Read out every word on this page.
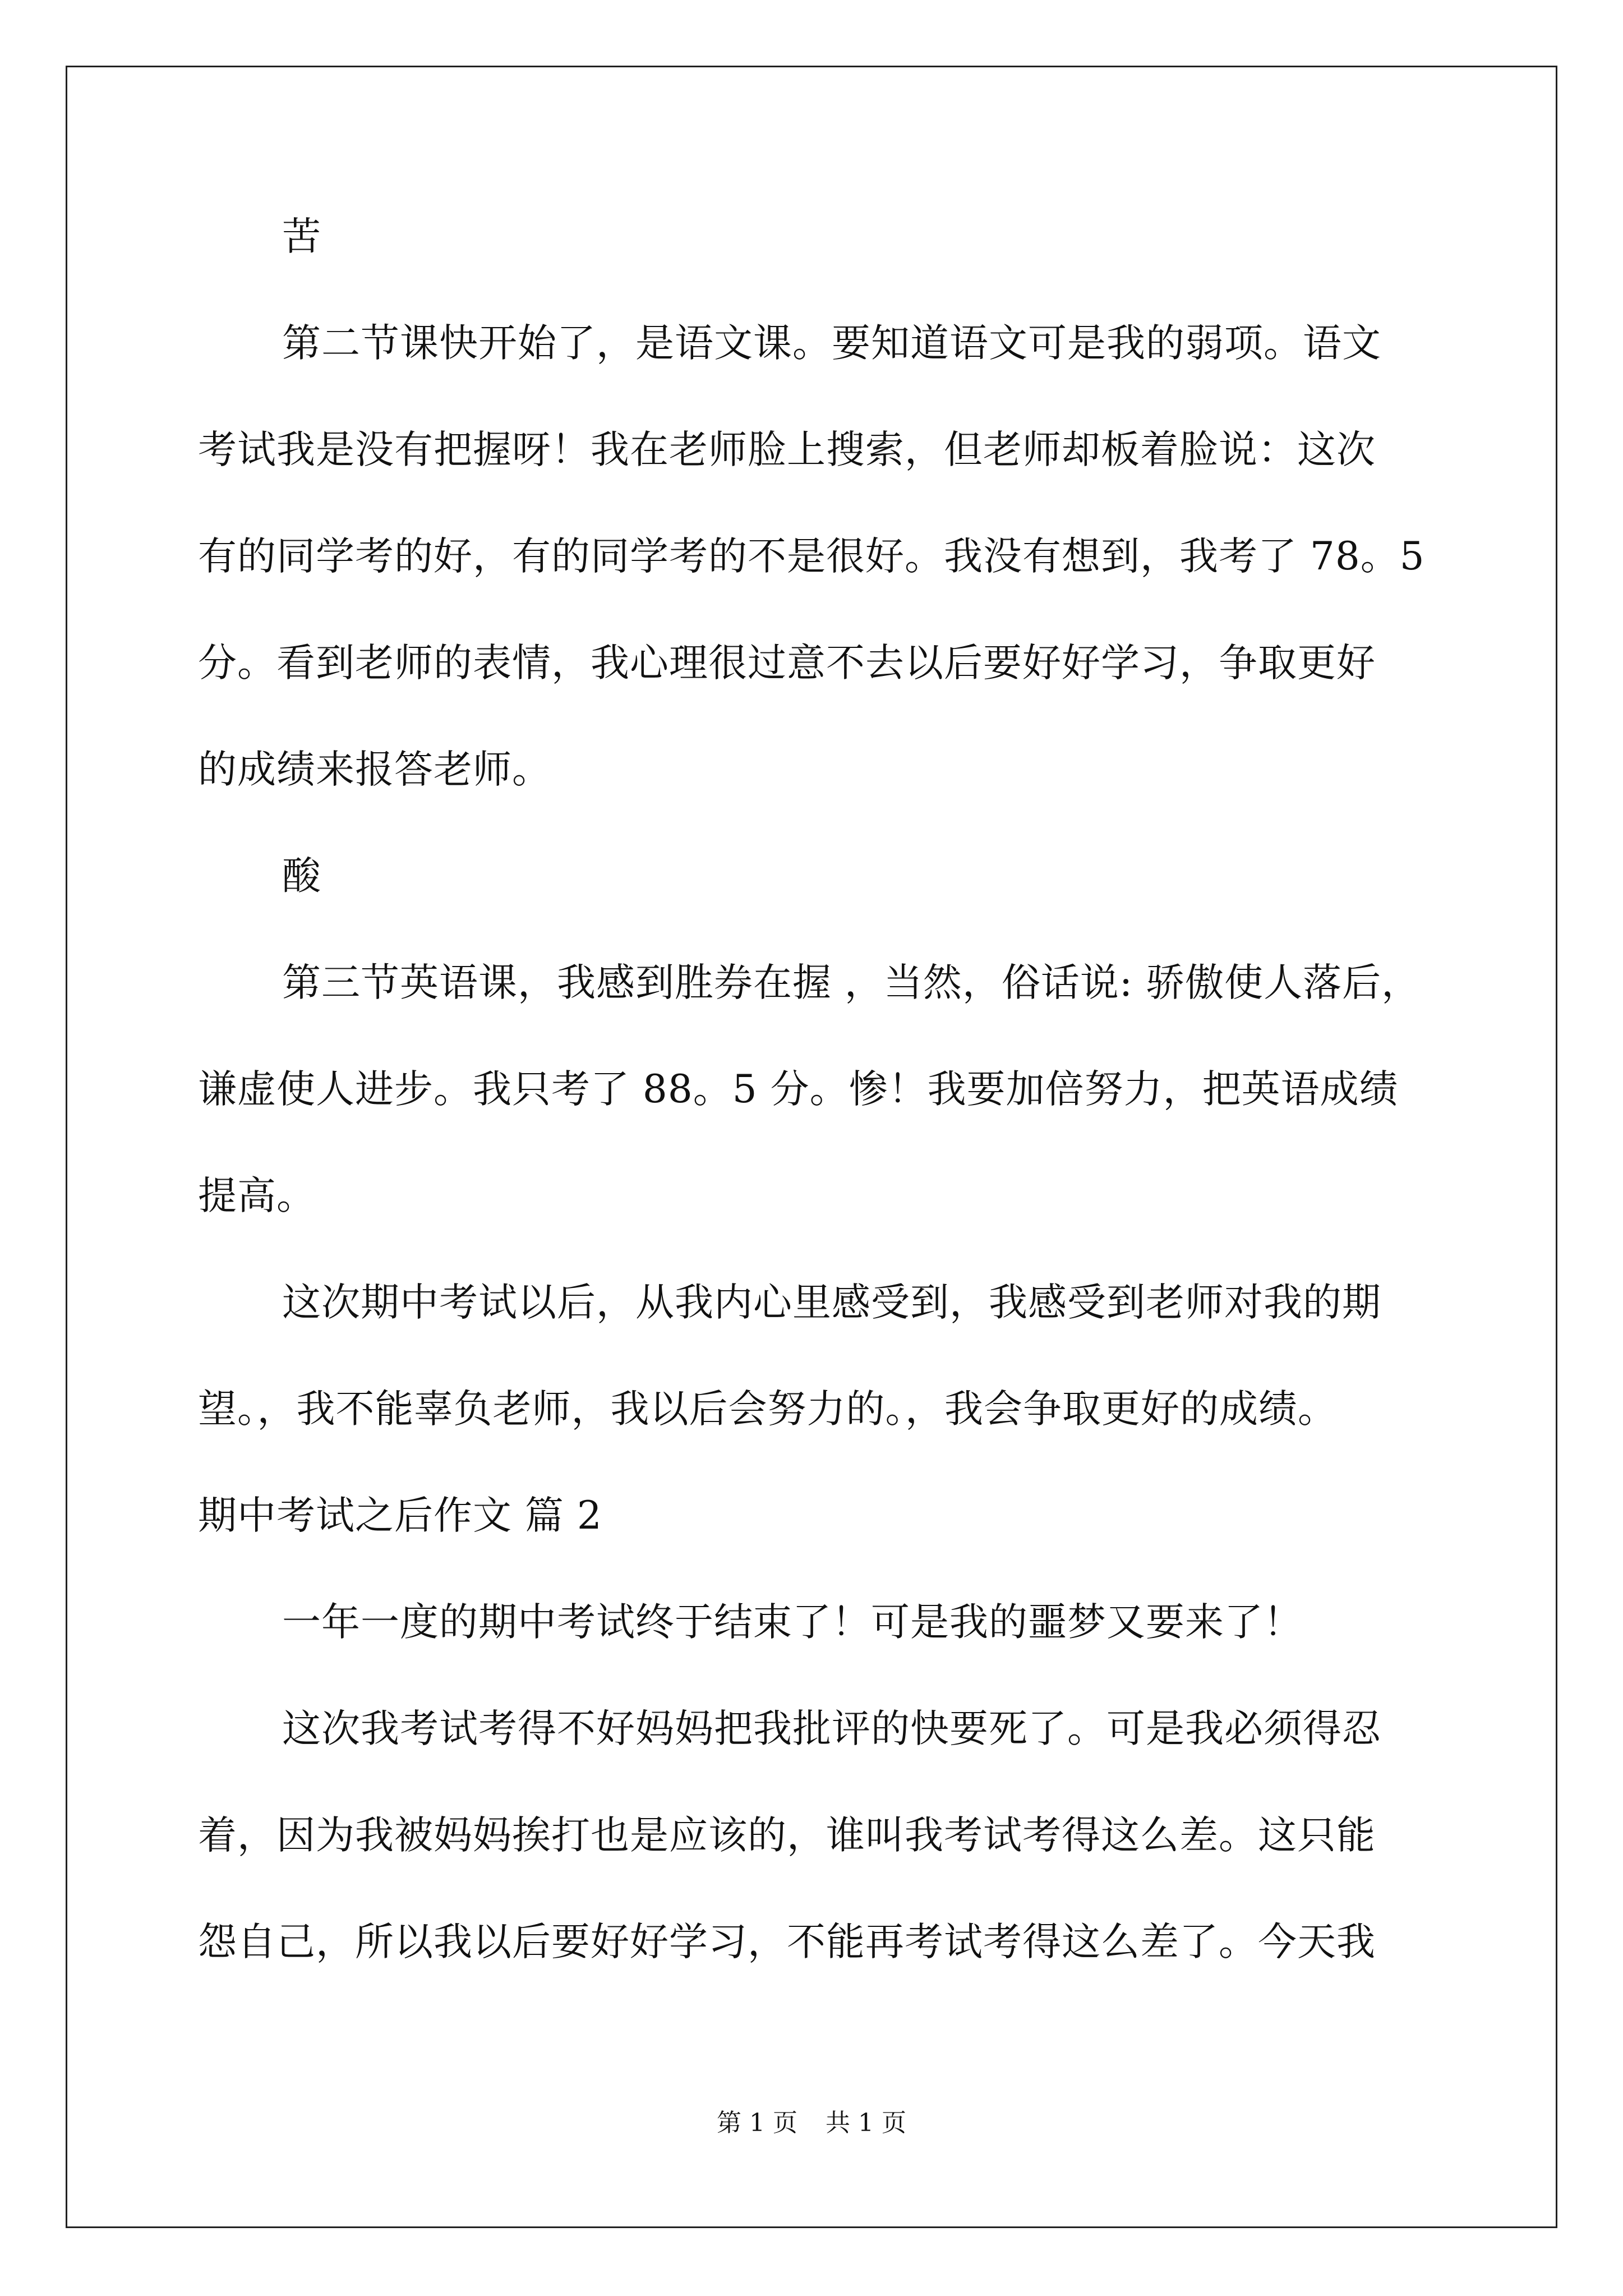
苦
第二节课快开始了，是语文课。要知道语文可是我的弱项。语文
考试我是没有把握呀！我在老师脸上搜索，但老师却板着脸说：这次
有的同学考的好，有的同学考的不是很好。我没有想到，我考了 78。5
分。看到老师的表情，我心理很过意不去以后要好好学习，争取更好
的成绩来报答老师。
酸
第三节英语课，我感到胜券在握 ，当然，俗话说: 骄傲使人落后，
谦虚使人进步。我只考了 88。5 分。惨！我要加倍努力，把英语成绩
提高。
这次期中考试以后，从我内心里感受到，我感受到老师对我的期
望。，我不能辜负老师，我以后会努力的。，我会争取更好的成绩。
期中考试之后作文 篇 2
一年一度的期中考试终于结束了！可是我的噩梦又要来了！
这次我考试考得不好妈妈把我批评的快要死了。可是我必须得忍
着，因为我被妈妈挨打也是应该的，谁叫我考试考得这么差。这只能
怨自己，所以我以后要好好学习，不能再考试考得这么差了。今天我
第 1 页 共 1 页
